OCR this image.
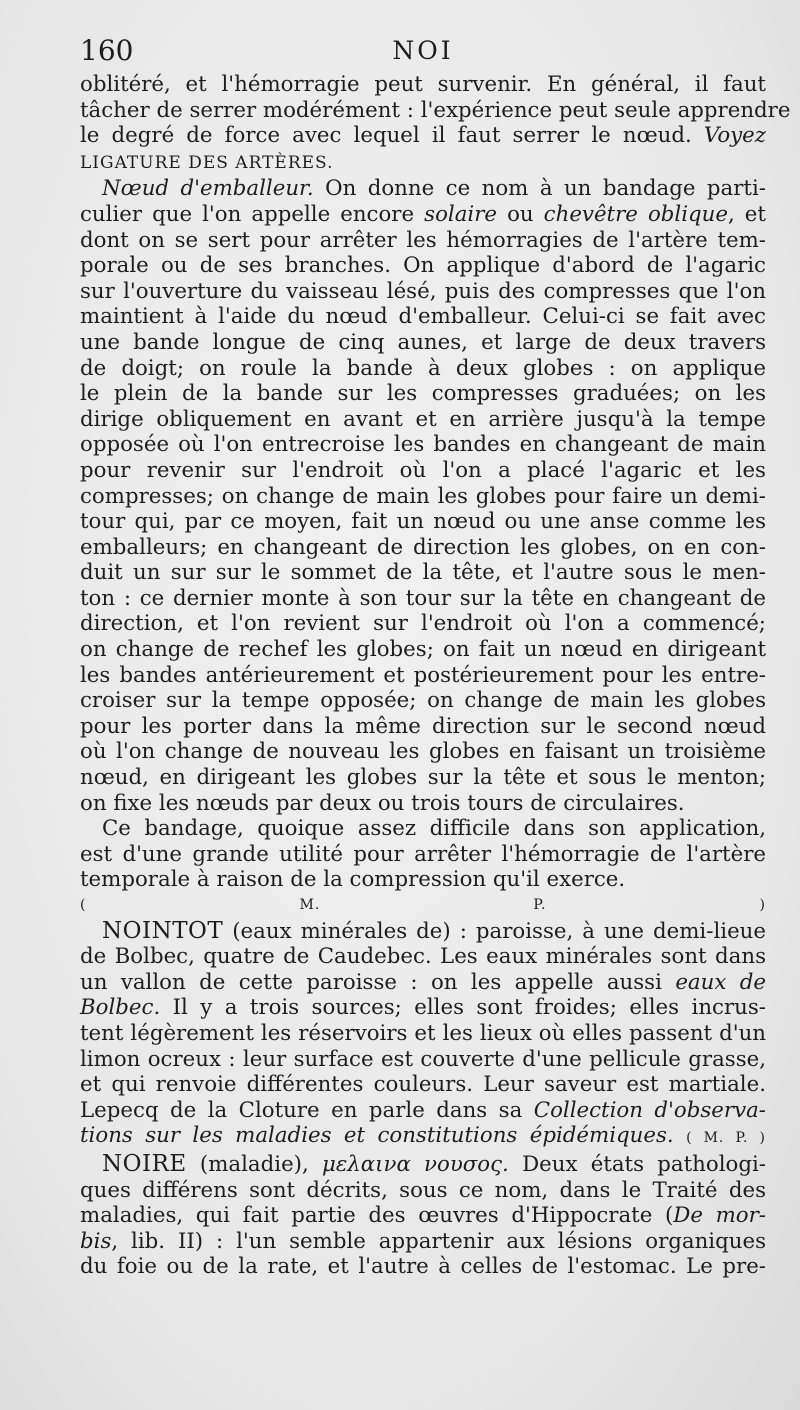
160	NOI
oblitéré, et l'hémorragie peut survenir. En général, il faut
tâcher de serrer modérément : l'expérience peut seule apprendre
le degré de force avec lequel il faut serrer le nœud. Voyez
LIGATURE DES ARTÈRES.
Nœud d'emballeur. On donne ce nom à un bandage parti-
culier que l'on appelle encore solaire ou chevêtre oblique, et
dont on se sert pour arrêter les hémorragies de l'artère tem-
porale ou de ses branches. On applique d'abord de l'agaric
sur l'ouverture du vaisseau lésé, puis des compresses que l'on
maintient à l'aide du nœud d'emballeur. Celui-ci se fait avec
une bande longue de cinq aunes, et large de deux travers
de doigt; on roule la bande à deux globes : on applique
le plein de la bande sur les compresses graduées; on les
dirige obliquement en avant et en arrière jusqu'à la tempe
opposée où l'on entrecroise les bandes en changeant de main
pour revenir sur l'endroit où l'on a placé l'agaric et les
compresses; on change de main les globes pour faire un demi-
tour qui, par ce moyen, fait un nœud ou une anse comme les
emballeurs; en changeant de direction les globes, on en con-
duit un sur sur le sommet de la tête, et l'autre sous le men-
ton : ce dernier monte à son tour sur la tête en changeant de
direction, et l'on revient sur l'endroit où l'on a commencé;
on change de rechef les globes; on fait un nœud en dirigeant
les bandes antérieurement et postérieurement pour les entre-
croiser sur la tempe opposée; on change de main les globes
pour les porter dans la même direction sur le second nœud
où l'on change de nouveau les globes en faisant un troisième
nœud, en dirigeant les globes sur la tête et sous le menton;
on fixe les nœuds par deux ou trois tours de circulaires.
Ce bandage, quoique assez difficile dans son application,
est d'une grande utilité pour arrêter l'hémorragie de l'artère
temporale à raison de la compression qu'il exerce.
( M. P. )
NOINTOT (eaux minérales de) : paroisse, à une demi-lieue
de Bolbec, quatre de Caudebec. Les eaux minérales sont dans
un vallon de cette paroisse : on les appelle aussi eaux de
Bolbec. Il y a trois sources; elles sont froides; elles incrus-
tent légèrement les réservoirs et les lieux où elles passent d'un
limon ocreux : leur surface est couverte d'une pellicule grasse,
et qui renvoie différentes couleurs. Leur saveur est martiale.
Lepecq de la Cloture en parle dans sa Collection d'observa-
tions sur les maladies et constitutions épidémiques. ( M. P. )
NOIRE (maladie), μελαινα νουσος. Deux états pathologi-
ques différens sont décrits, sous ce nom, dans le Traité des
maladies, qui fait partie des œuvres d'Hippocrate (De mor-
bis, lib. II) : l'un semble appartenir aux lésions organiques
du foie ou de la rate, et l'autre à celles de l'estomac. Le pre-
